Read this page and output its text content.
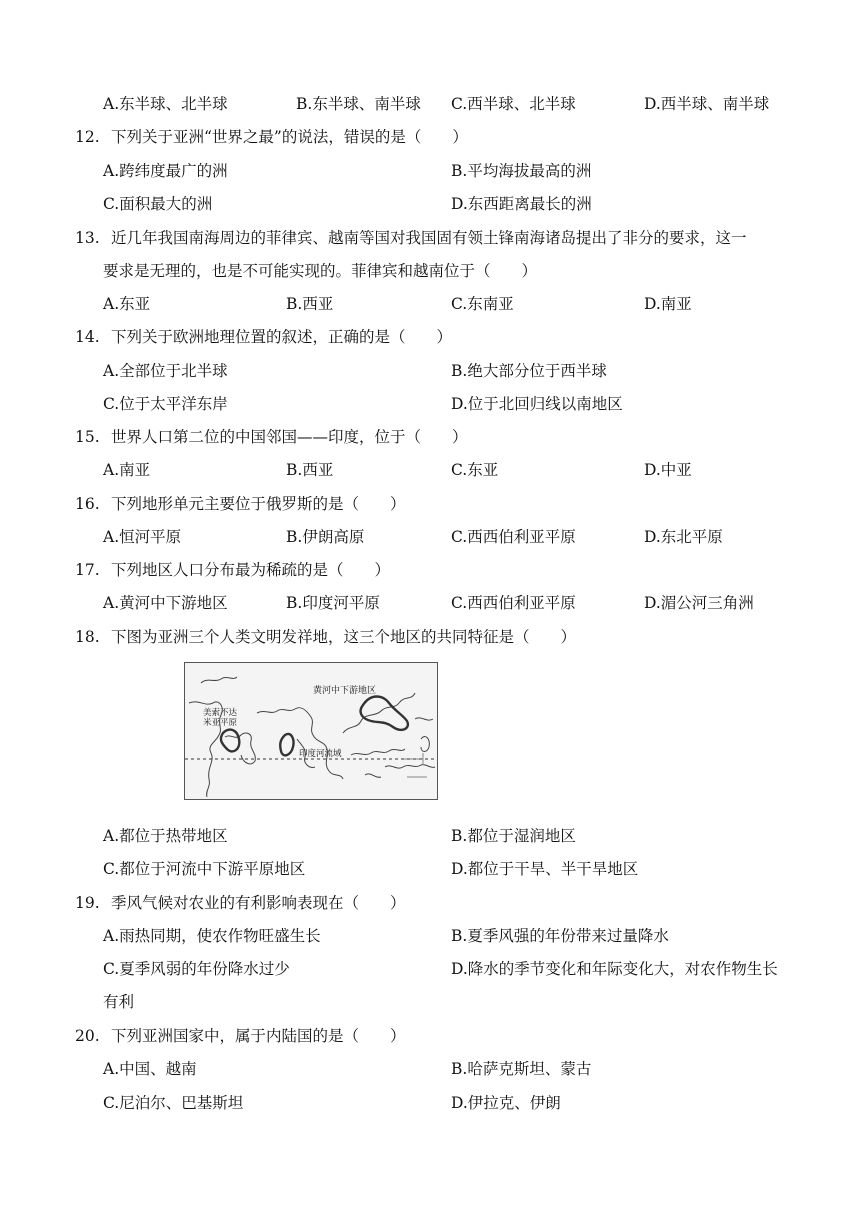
A.东半球、北半球	B.东半球、南半球 C.西半球、北半球	D.西半球、南半球
12. 下列关于亚洲“世界之最”的说法，错误的是（　　）
A.跨纬度最广的洲	B.平均海拔最高的洲
C.面积最大的洲	D.东西距离最长的洲
13. 近几年我国南海周边的菲律宾、越南等国对我国固有领土锋南海诸岛提出了非分的要求，这一
要求是无理的，也是不可能实现的。菲律宾和越南位于（　　）
A.东亚	B.西亚	C.东南亚	D.南亚
14. 下列关于欧洲地理位置的叙述，正确的是（　　）
A.全部位于北半球	B.绝大部分位于西半球
C.位于太平洋东岸	D.位于北回归线以南地区
15. 世界人口第二位的中国邻国——印度，位于（　　）
A.南亚	B.西亚	C.东亚	D.中亚
16. 下列地形单元主要位于俄罗斯的是（　　）
A.恒河平原	B.伊朗高原	C.西西伯利亚平原	D.东北平原
17. 下列地区人口分布最为稀疏的是（　　）
A.黄河中下游地区	B.印度河平原	C.西西伯利亚平原	D.湄公河三角洲
18. 下图为亚洲三个人类文明发祥地，这三个地区的共同特征是（　　）
黄河中下游地区
美索不达
米亚平原
印度河流域
A.都位于热带地区	B.都位于湿润地区
C.都位于河流中下游平原地区	D.都位于干旱、半干旱地区
19. 季风气候对农业的有利影响表现在（　　）
A.雨热同期，使农作物旺盛生长	B.夏季风强的年份带来过量降水
C.夏季风弱的年份降水过少	D.降水的季节变化和年际变化大，对农作物生长
有利
20. 下列亚洲国家中，属于内陆国的是（　　）
A.中国、越南	B.哈萨克斯坦、蒙古
C.尼泊尔、巴基斯坦	D.伊拉克、伊朗
